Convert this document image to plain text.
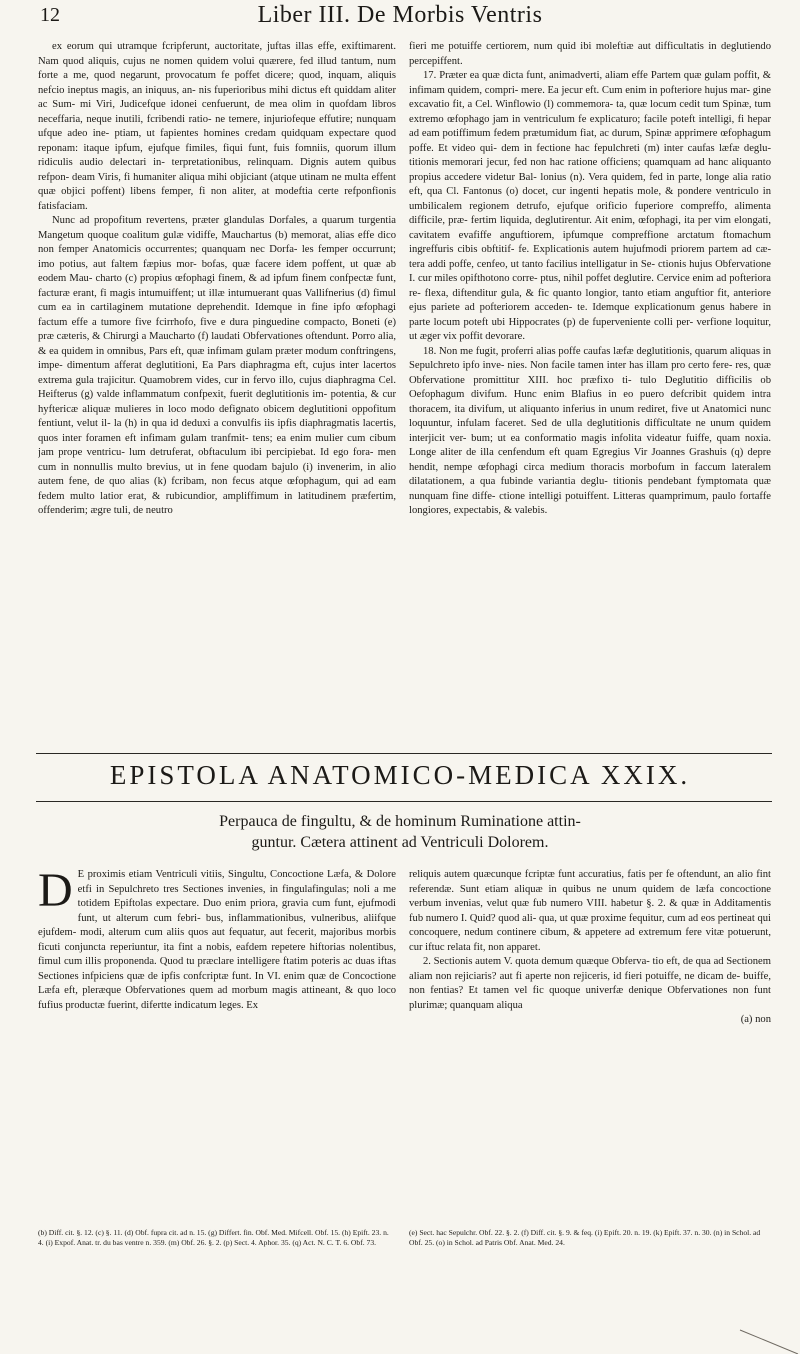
12	Liber III. De Morbis Ventris

ex eorum qui utramque fcripferunt, auctoritate, juftas illas effe, exiftimarent. Nam quod aliquis, cujus ne nomen quidem volui quærere, fed illud tantum, num forte a me, quod negarunt, provocatum fe poffet dicere; quod, inquam, aliquis nefcio ineptus magis, an iniquus, an- nis fuperioribus mihi dictus eft quiddam aliter ac Sum- mi Viri, Judicefque idonei cenfuerunt, de mea olim in quofdam libros neceffaria, neque inutili, fcribendi ratio- ne temere, injuriofeque effutire; nunquam ufque adeo ine- ptiam, ut fapientes homines credam quidquam expectare quod reponam: itaque ipfum, ejufque fimiles, fiqui funt, fuis fomniis, quorum illum ridiculis audio delectari in- terpretationibus, relinquam. Dignis autem quibus refpon- deam Viris, fi humaniter aliqua mihi objiciant (atque utinam ne multa effent quæ objici poffent) libens femper, fi non aliter, at modeftia certe refponfionis fatisfaciam.

Nunc ad propofitum revertens, præter glandulas Dorfales, a quarum turgentia Mangetum quoque coalitum gulæ vidiffe, Mauchartus (b) memorat, alias effe dico non femper Anatomicis occurrentes; quanquam nec Dorfa- les femper occurrunt; imo potius, aut faltem fæpius mor- bofas, quæ facere idem poffent, ut quæ ab eodem Mau- charto (c) propius œfophagi finem, & ad ipfum finem confpectæ funt, facturæ erant, fi magis intumuiffent; ut illæ intumuerant quas Vallifnerius (d) fimul cum ea in cartilaginem mutatione deprehendit. Idemque in fine ipfo œfophagi factum effe a tumore five fcirrhofo, five e dura pinguedine compacto, Boneti (e) præ cæteris, & Chirurgi a Maucharto (f) laudati Obfervationes oftendunt. Porro alia, & ea quidem in omnibus, Pars eft, quæ infimam gulam præter modum conftringens, impe- dimentum afferat deglutitioni, Ea Pars diaphragma eft, cujus inter lacertos extrema gula trajicitur. Quamobrem vides, cur in fervo illo, cujus diaphragma Cel. Heifterus (g) valde inflammatum confpexit, fuerit deglutitionis im- potentia, & cur hyftericæ aliquæ mulieres in loco modo defignato obicem deglutitioni oppofitum fentiunt, velut il- la (h) in qua id deduxi a convulfis iis ipfis diaphragmatis lacertis, quos inter foramen eft infimam gulam tranfmit- tens; ea enim mulier cum cibum jam prope ventricu- lum detruferat, obftaculum ibi percipiebat. Id ego fora- men cum in nonnullis multo brevius, ut in fene quodam bajulo (i) invenerim, in alio autem fene, de quo alias (k) fcribam, non fecus atque œfophagum, qui ad eam fedem multo latior erat, & rubicundior, ampliffimum in latitudinem præfertim, offenderim; ægre tuli, de neutro

fieri me potuiffe certiorem, num quid ibi moleftiæ aut difficultatis in deglutiendo percepiffent.

17. Præter ea quæ dicta funt, animadverti, aliam effe Partem quæ gulam poffit, & infimam quidem, compri- mere. Ea jecur eft. Cum enim in pofteriore hujus mar- gine excavatio fit, a Cel. Winflowio (l) commemora- ta, quæ locum cedit tum Spinæ, tum extremo œfophago jam in ventriculum fe explicaturo; facile poteft intelligi, fi hepar ad eam potiffimum fedem prætumidum fiat, ac durum, Spinæ apprimere œfophagum poffe. Et video qui- dem in fectione hac fepulchreti (m) inter caufas læfæ deglu- titionis memorari jecur, fed non hac ratione officiens; quamquam ad hanc aliquanto propius accedere videtur Bal- lonius (n). Vera quidem, fed in parte, longe alia ratio eft, qua Cl. Fantonus (o) docet, cur ingenti hepatis mole, & pondere ventriculo in umbilicalem regionem detrufo, ejufque orificio fuperiore compreffo, alimenta difficile, præ- fertim liquida, deglutirentur. Ait enim, œfophagi, ita per vim elongati, cavitatem evafiffe anguftiorem, ipfumque compreffione arctatum ftomachum ingreffuris cibis obftitif- fe. Explicationis autem hujufmodi priorem partem ad cæ- tera addi poffe, cenfeo, ut tanto facilius intelligatur in Se- ctionis hujus Obfervatione I. cur miles opifthotono corre- ptus, nihil poffet deglutire. Cervice enim ad pofteriora re- flexa, diftenditur gula, & fic quanto longior, tanto etiam anguftior fit, anteriore ejus pariete ad pofteriorem acceden- te. Idemque explicationum genus habere in parte locum poteft ubi Hippocrates (p) de fuperveniente colli per- verfione loquitur, ut æger vix poffit devorare.

18. Non me fugit, proferri alias poffe caufas læfæ deglutitionis, quarum aliquas in Sepulchreto ipfo inve- nies. Non facile tamen inter has illam pro certo fere- res, quæ Obfervatione promittitur XIII. hoc præfixo ti- tulo Deglutitio difficilis ob Oefophagum divifum. Hunc enim Blafius in eo puero defcribit quidem intra thoracem, ita divifum, ut aliquanto inferius in unum rediret, five ut Anatomici nunc loquuntur, infulam faceret. Sed de ulla deglutitionis difficultate ne unum quidem interjicit ver- bum; ut ea conformatio magis infolita videatur fuiffe, quam noxia. Longe aliter de illa cenfendum eft quam Egregius Vir Joannes Grashuis (q) depre hendit, nempe œfophagi circa medium thoracis morbofum in faccum lateralem dilatationem, a qua fubinde variantia deglu- titionis pendebant fymptomata quæ nunquam fine diffe- ctione intelligi potuiffent. Litteras quamprimum, paulo fortaffe longiores, expectabis, & valebis.

EPISTOLA ANATOMICO-MEDICA XXIX.
Perpauca de fingultu, & de hominum Ruminatione attin-
guntur. Cætera attinent ad Ventriculi Dolorem.
D E proximis etiam Ventriculi vitiis, Singultu, Concoctione Læfa, & Dolore etfi in Sepulchreto tres Sectiones invenies, in fingulafingulas; noli a me totidem Epiftolas expectare. Duo enim priora, gravia cum funt, ejufmodi funt, ut alterum cum febri- bus, inflammationibus, vulneribus, aliifque ejufdem- modi, alterum cum aliis quos aut fequatur, aut fecerit, majoribus morbis ficuti conjuncta reperiuntur, ita fint a nobis, eafdem repetere hiftorias nolentibus, fimul cum illis proponenda. Quod tu præclare intelligere ftatim poteris ac duas iftas Sectiones infpiciens quæ de ipfis confcriptæ funt. In VI. enim quæ de Concoctione Læfa eft, pleræque Obfervationes quem ad morbum magis attineant, & quo loco fufius productæ fuerint, difertte indicatum leges. Ex

reliquis autem quæcunque fcriptæ funt accuratius, fatis per fe oftendunt, an alio fint referendæ. Sunt etiam aliquæ in quibus ne unum quidem de læfa concoctione verbum invenias, velut quæ fub numero VIII. habetur §. 2. & quæ in Additamentis fub numero I. Quid? quod ali- qua, ut quæ proxime fequitur, cum ad eos pertineat qui concoquere, nedum continere cibum, & appetere ad extremum fere vitæ potuerunt, cur iftuc relata fit, non apparet.

2. Sectionis autem V. quota demum quæque Obferva- tio eft, de qua ad Sectionem aliam non rejiciaris? aut fi aperte non rejiceris, id fieri potuiffe, ne dicam de- buiffe, non fentias? Et tamen vel fic quoque univerfæ denique Obfervationes non funt plurimæ; quanquam aliqua

(a) non
(b) Diff. cit. §. 12. (c) §. 11. (d) Obf. fupra cit. ad n. 15. (g) Differt. fin. Obf. Med. Mifcell. Obf. 15. (h) Epift. 23. n. 4. (i) Expof. Anat. tr. du bas ventre n. 359. (m) Obf. 26. §. 2. (p) Sect. 4. Aphor. 35. (q) Act. N. C. T. 6. Obf. 73.
(e) Sect. hac Sepulchr. Obf. 22. §. 2. (f) Diff. cit. §. 9. & feq. (i) Epift. 20. n. 19. (k) Epift. 37. n. 30. (n) in Schol. ad Obf. 25. (o) in Schol. ad Patris Obf. Anat. Med. 24.
